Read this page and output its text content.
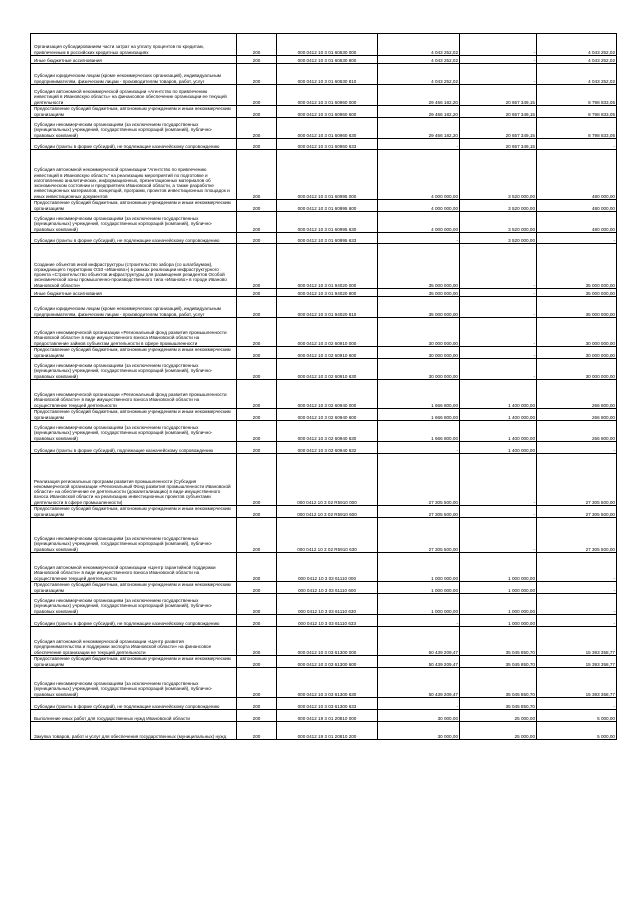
Организация субсидированием части затрат на уплату процентов по кредитам, привлеченным в российских кредитных организациях	200	000 0412 10 3 01 60630 000	4 043 252,02	-	4 043 252,02
Иные бюджетные ассигнования	200	000 0412 10 3 01 60630 800	4 043 252,02	-	4 043 252,02
Субсидии юридическим лицам (кроме некоммерческих организаций), индивидуальным предпринимателям, физическим лицам - производителям товаров, работ, услуг	200	000 0412 10 3 01 60630 810	4 043 252,02	-	4 043 252,02
Субсидия автономной некоммерческой организации «Агентство по привлечению инвестиций в Ивановскую область» на финансовое обеспечение организации ее текущей деятельности	200	000 0412 10 3 01 60960 000	29 466 182,20	20 657 349,15	8 798 833,05
Предоставление субсидий бюджетным, автономным учреждениям и иным некоммерческим организациям	200	000 0412 10 3 01 60960 600	29 466 182,20	20 657 349,15	8 798 833,05
Субсидии некоммерческим организациям (за исключением государственных (муниципальных) учреждений, государственных корпораций (компаний), публично-правовых компаний)	200	000 0412 10 3 01 60960 630	29 466 182,20	20 657 349,15	8 798 833,05
Субсидии (гранты в форме субсидий), не подлежащие казначейскому сопровождению	200	000 0412 10 3 01 60960 633	-	20 657 349,15	-
Субсидия автономной некоммерческой организации "Агентство по привлечению инвестиций в Ивановскую область" на реализацию мероприятий по подготовке и изготовлению аналитических, информационных, презентационных материалов об экономическом состоянии и предприятиях Ивановской области, а также разработке инвестиционных материалов, концепций, программ, проектов инвестиционных площадок и иных инвестиционных документов	200	000 0412 10 3 01 60995 000	4 000 000,00	3 520 000,00	480 000,00
Предоставление субсидий бюджетным, автономным учреждениям и иным некоммерческим организациям	200	000 0412 10 3 01 60995 600	4 000 000,00	3 520 000,00	480 000,00
Субсидии некоммерческим организациям (за исключением государственных (муниципальных) учреждений, государственных корпораций (компаний), публично-правовых компаний)	200	000 0412 10 3 01 60995 630	4 000 000,00	3 520 000,00	480 000,00
Субсидии (гранты в форме субсидий), не подлежащие казначейскому сопровождению	200	000 0412 10 3 01 60995 633	-	3 520 000,00	-
Создание объектов иной инфраструктуры (строительство забора (со шлагбаумом), ограждающего территорию ОЭЗ «Иваново») в рамках реализации инфраструктурного проекта «Строительство объектов инфраструктуры для размещения резидентов Особой экономической зоны промышленно-производственного типа «Иваново» в городе Иваново Ивановской области»	200	000 0412 10 3 01 94020 000	35 000 000,00	-	35 000 000,00
Иные бюджетные ассигнования	200	000 0412 10 3 01 94020 800	35 000 000,00	-	35 000 000,00
Субсидии юридическим лицам (кроме некоммерческих организаций), индивидуальным предпринимателям, физическим лицам - производителям товаров, работ, услуг	200	000 0412 10 3 01 94020 810	35 000 000,00	-	35 000 000,00
Субсидия некоммерческой организации «Региональный фонд развития промышленности Ивановской области» в виде имущественного взноса Ивановской области на предоставление займов субъектам деятельности в сфере промышленности	200	000 0412 10 3 02 60910 000	30 000 000,00	-	30 000 000,00
Предоставление субсидий бюджетным, автономным учреждениям и иным некоммерческим организациям	200	000 0412 10 3 02 60910 600	30 000 000,00	-	30 000 000,00
Субсидии некоммерческим организациям (за исключением государственных (муниципальных) учреждений, государственных корпораций (компаний), публично-правовых компаний)	200	000 0412 10 3 02 60910 630	30 000 000,00	-	30 000 000,00
Субсидия некоммерческой организации «Региональный фонд развития промышленности Ивановской области» в виде имущественного взноса Ивановской области на осуществление текущей деятельности	200	000 0412 10 3 02 60940 000	1 666 800,00	1 400 000,00	266 800,00
Предоставление субсидий бюджетным, автономным учреждениям и иным некоммерческим организациям	200	000 0412 10 3 02 60940 600	1 666 800,00	1 400 000,00	266 800,00
Субсидии некоммерческим организациям (за исключением государственных (муниципальных) учреждений, государственных корпораций (компаний), публично-правовых компаний)	200	000 0412 10 3 02 60940 630	1 666 800,00	1 400 000,00	266 800,00
Субсидии (гранты в форме субсидий), подлежащие казначейскому сопровождению	200	000 0412 10 3 02 60940 632	-	1 400 000,00	-
Реализация региональных программ развития промышленности (Субсидия некоммерческой организации «Региональный Фонд развития промышленности Ивановской области» на обеспечение ее деятельности (докапитализацию) в виде имущественного взноса Ивановской области на реализацию инвестиционных проектов субъектами деятельности в сфере промышленности)	200	000 0412 10 3 02 R5910 000	27 305 500,00	-	27 305 500,00
Предоставление субсидий бюджетным, автономным учреждениям и иным некоммерческим организациям	200	000 0412 10 3 02 R5910 600	27 305 500,00	-	27 305 500,00
Субсидии некоммерческим организациям (за исключением государственных (муниципальных) учреждений, государственных корпораций (компаний), публично-правовых компаний)	200	000 0412 10 3 02 R5910 630	27 305 500,00	-	27 305 500,00
Субсидия автономной некоммерческой организации «Центр гарантийной поддержки Ивановской области» в виде имущественного взноса Ивановской области на осуществление текущей деятельности	200	000 0412 10 3 03 61110 000	1 000 000,00	1 000 000,00	-
Предоставление субсидий бюджетным, автономным учреждениям и иным некоммерческим организациям	200	000 0412 10 3 03 61110 600	1 000 000,00	1 000 000,00	-
Субсидии некоммерческим организациям (за исключением государственных (муниципальных) учреждений, государственных корпораций (компаний), публично-правовых компаний)	200	000 0412 10 3 03 61110 630	1 000 000,00	1 000 000,00	-
Субсидии (гранты в форме субсидий), не подлежащие казначейскому сопровождению	200	000 0412 10 3 03 61110 633	-	1 000 000,00	-
Субсидия автономной некоммерческой организации «Центр развития предпринимательства и поддержки экспорта Ивановской области» на финансовое обеспечение организации ее текущей деятельности	200	000 0412 10 3 03 61300 000	50 439 209,47	35 045 850,70	15 393 358,77
Предоставление субсидий бюджетным, автономным учреждениям и иным некоммерческим организациям	200	000 0412 10 3 03 61300 600	50 439 209,47	35 045 850,70	15 393 358,77
Субсидии некоммерческим организациям (за исключением государственных (муниципальных) учреждений, государственных корпораций (компаний), публично-правовых компаний)	200	000 0412 10 3 03 61300 630	50 439 209,47	35 045 850,70	15 393 358,77
Субсидии (гранты в форме субсидий), не подлежащие казначейскому сопровождению	200	000 0412 10 3 03 61300 633	-	35 045 850,70	-
Выполнение иных работ для государственных нужд Ивановской области	200	000 0412 19 3 01 20810 000	30 000,00	25 000,00	5 000,00
Закупка товаров, работ и услуг для обеспечения государственных (муниципальных) нужд	200	000 0412 19 3 01 20810 200	30 000,00	25 000,00	5 000,00
